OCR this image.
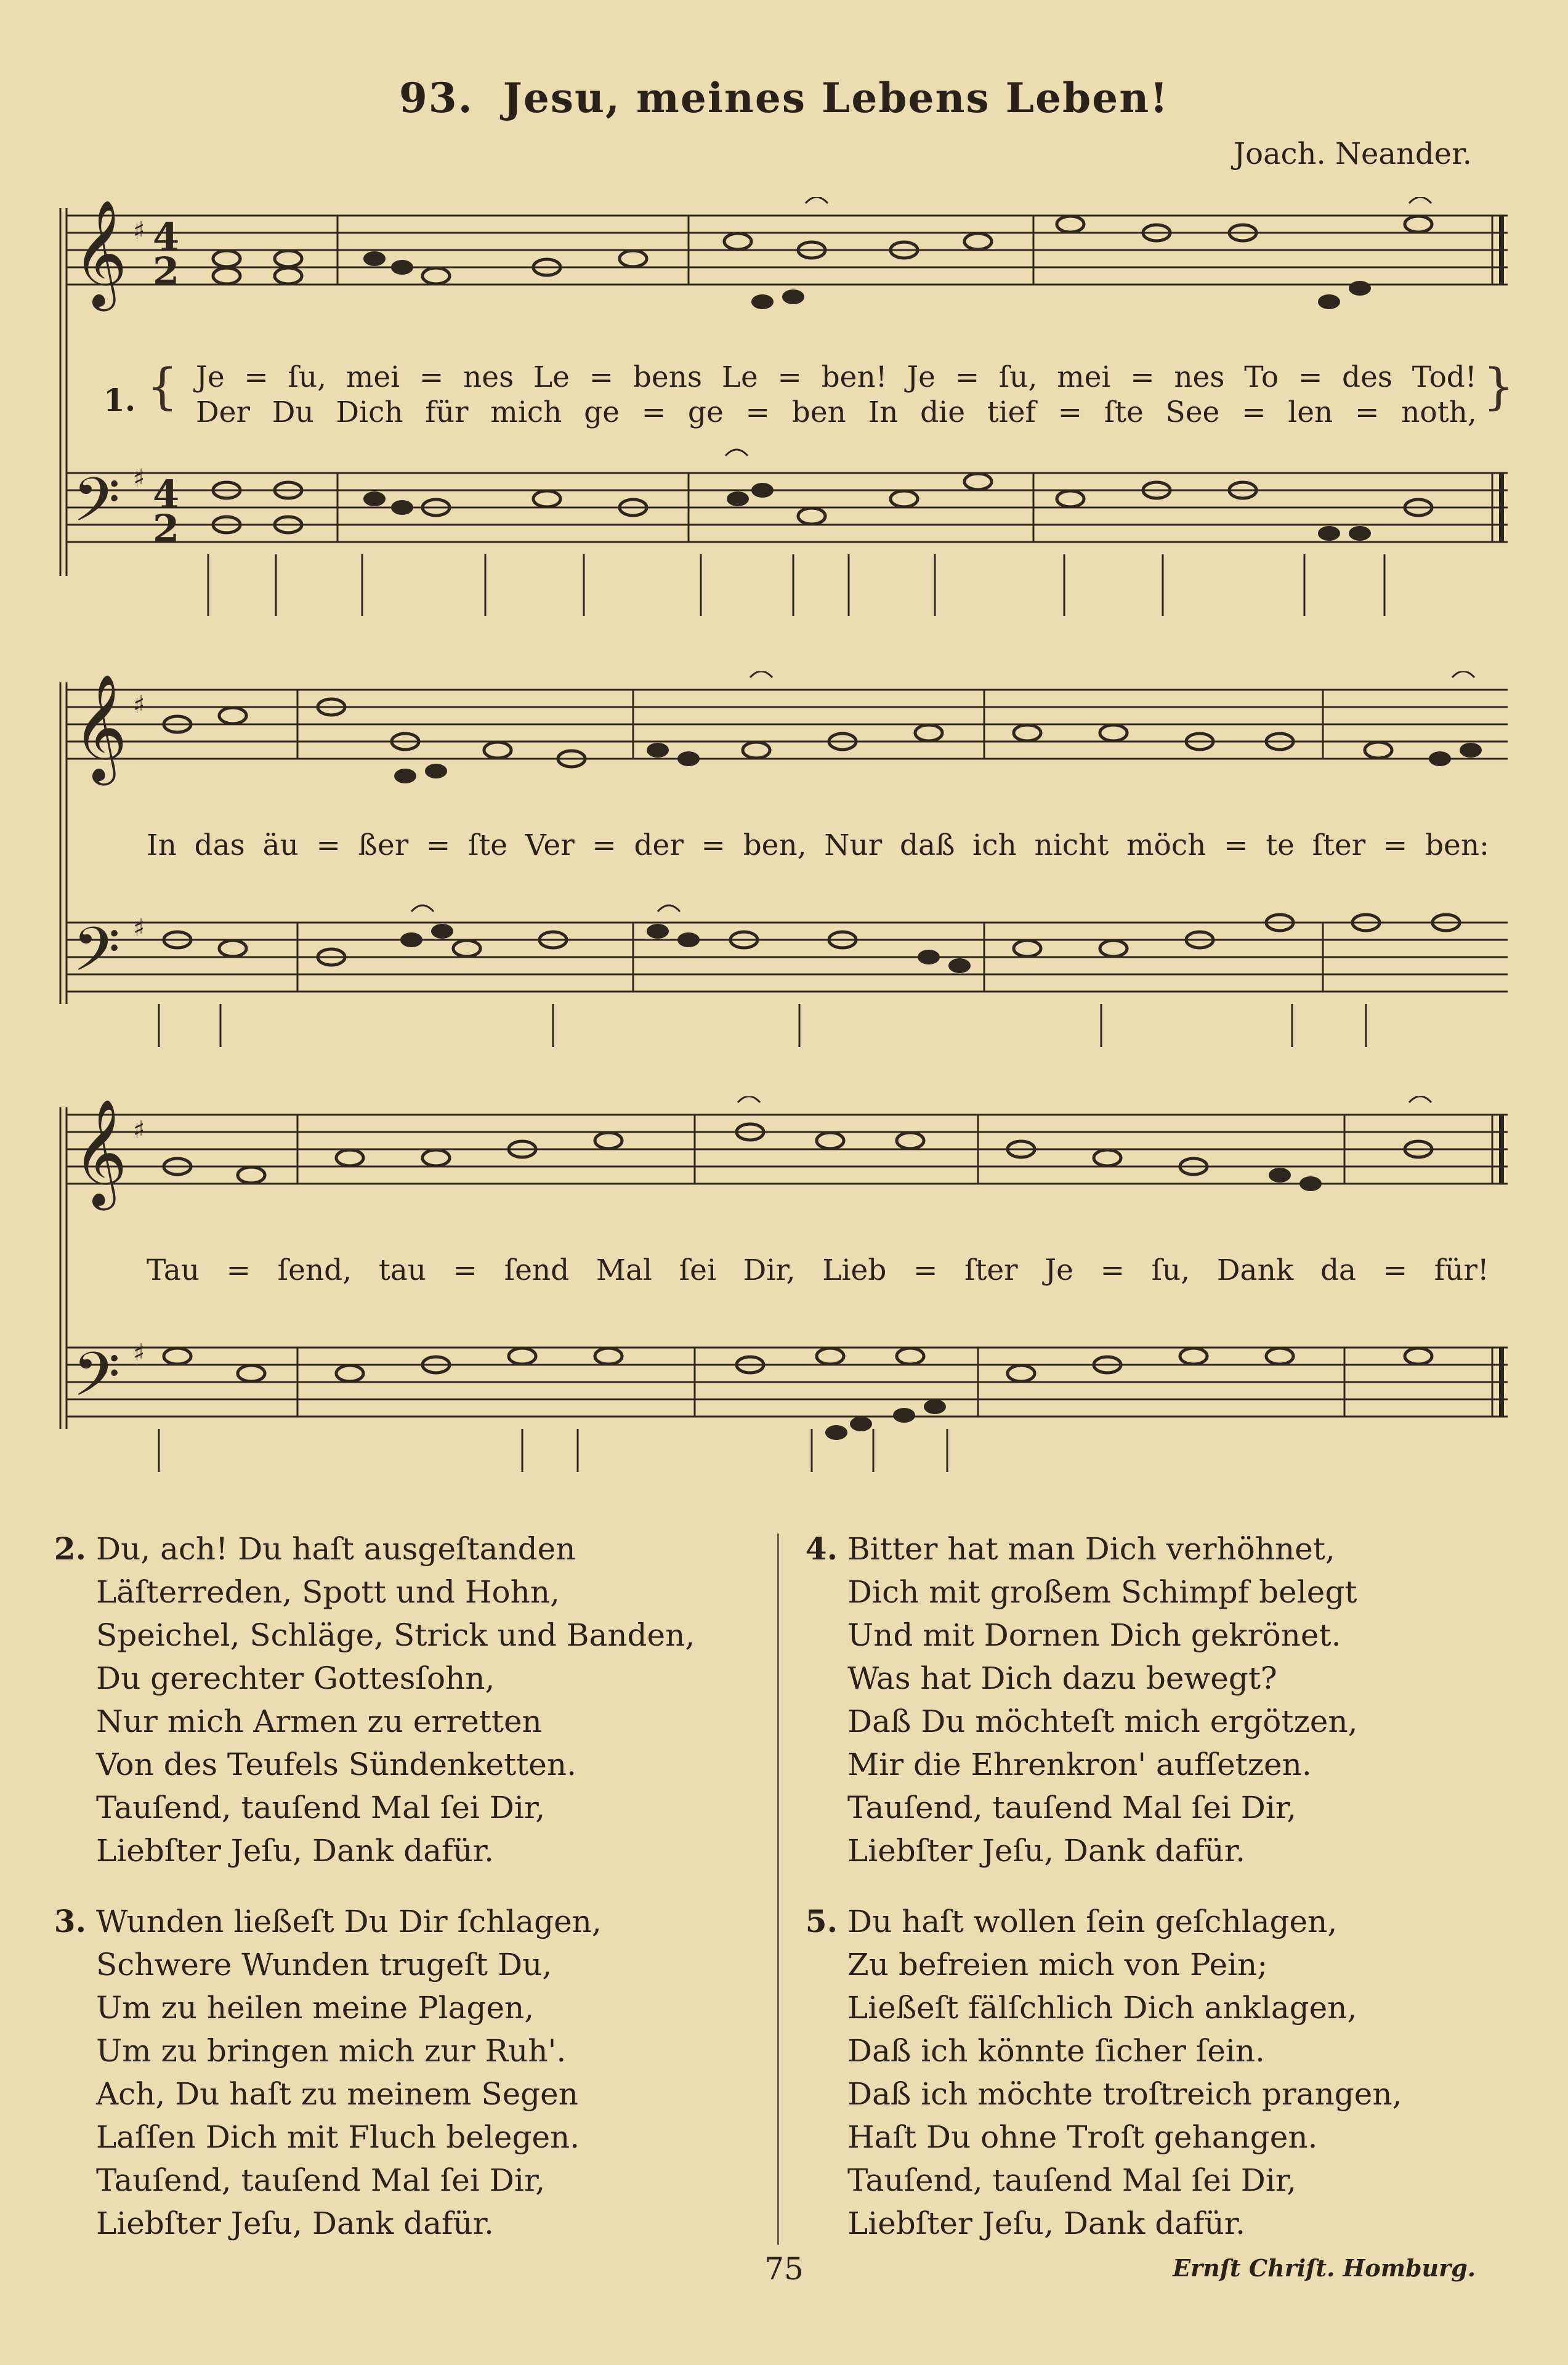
93. Jesu, meines Lebens Leben!
Joach. Neander.
𝄞
𝄢
♯
♯
4
2
4
2
1. { Je = ſu, mei = nes Le = bens Le = ben! Je = ſu, mei = nes To = des Tod!
Der Du Dich für mich ge = ge = ben In die tief = ſte See = len = noth, }
𝄞
𝄢
♯
♯
In das äu = ßer = ſte Ver = der = ben, Nur daß ich nicht möch = te ſter = ben:
𝄞
𝄢
♯
♯
Tau = ſend, tau = ſend Mal ſei Dir, Lieb = ſter Je = ſu, Dank da = für!
2. Du, ach! Du haſt ausgeſtanden
Läſterreden, Spott und Hohn,
Speichel, Schläge, Strick und Banden,
Du gerechter Gottesſohn,
Nur mich Armen zu erretten
Von des Teufels Sündenketten.
Tauſend, tauſend Mal ſei Dir,
Liebſter Jeſu, Dank dafür.
3. Wunden ließeſt Du Dir ſchlagen,
Schwere Wunden trugeſt Du,
Um zu heilen meine Plagen,
Um zu bringen mich zur Ruh'.
Ach, Du haſt zu meinem Segen
Laſſen Dich mit Fluch belegen.
Tauſend, tauſend Mal ſei Dir,
Liebſter Jeſu, Dank dafür.
4. Bitter hat man Dich verhöhnet,
Dich mit großem Schimpf belegt
Und mit Dornen Dich gekrönet.
Was hat Dich dazu bewegt?
Daß Du möchteſt mich ergötzen,
Mir die Ehrenkron' aufſetzen.
Tauſend, tauſend Mal ſei Dir,
Liebſter Jeſu, Dank dafür.
5. Du haſt wollen ſein geſchlagen,
Zu befreien mich von Pein;
Ließeſt fälſchlich Dich anklagen,
Daß ich könnte ſicher ſein.
Daß ich möchte troſtreich prangen,
Haſt Du ohne Troſt gehangen.
Tauſend, tauſend Mal ſei Dir,
Liebſter Jeſu, Dank dafür.
75	Ernſt Chriſt. Homburg.
